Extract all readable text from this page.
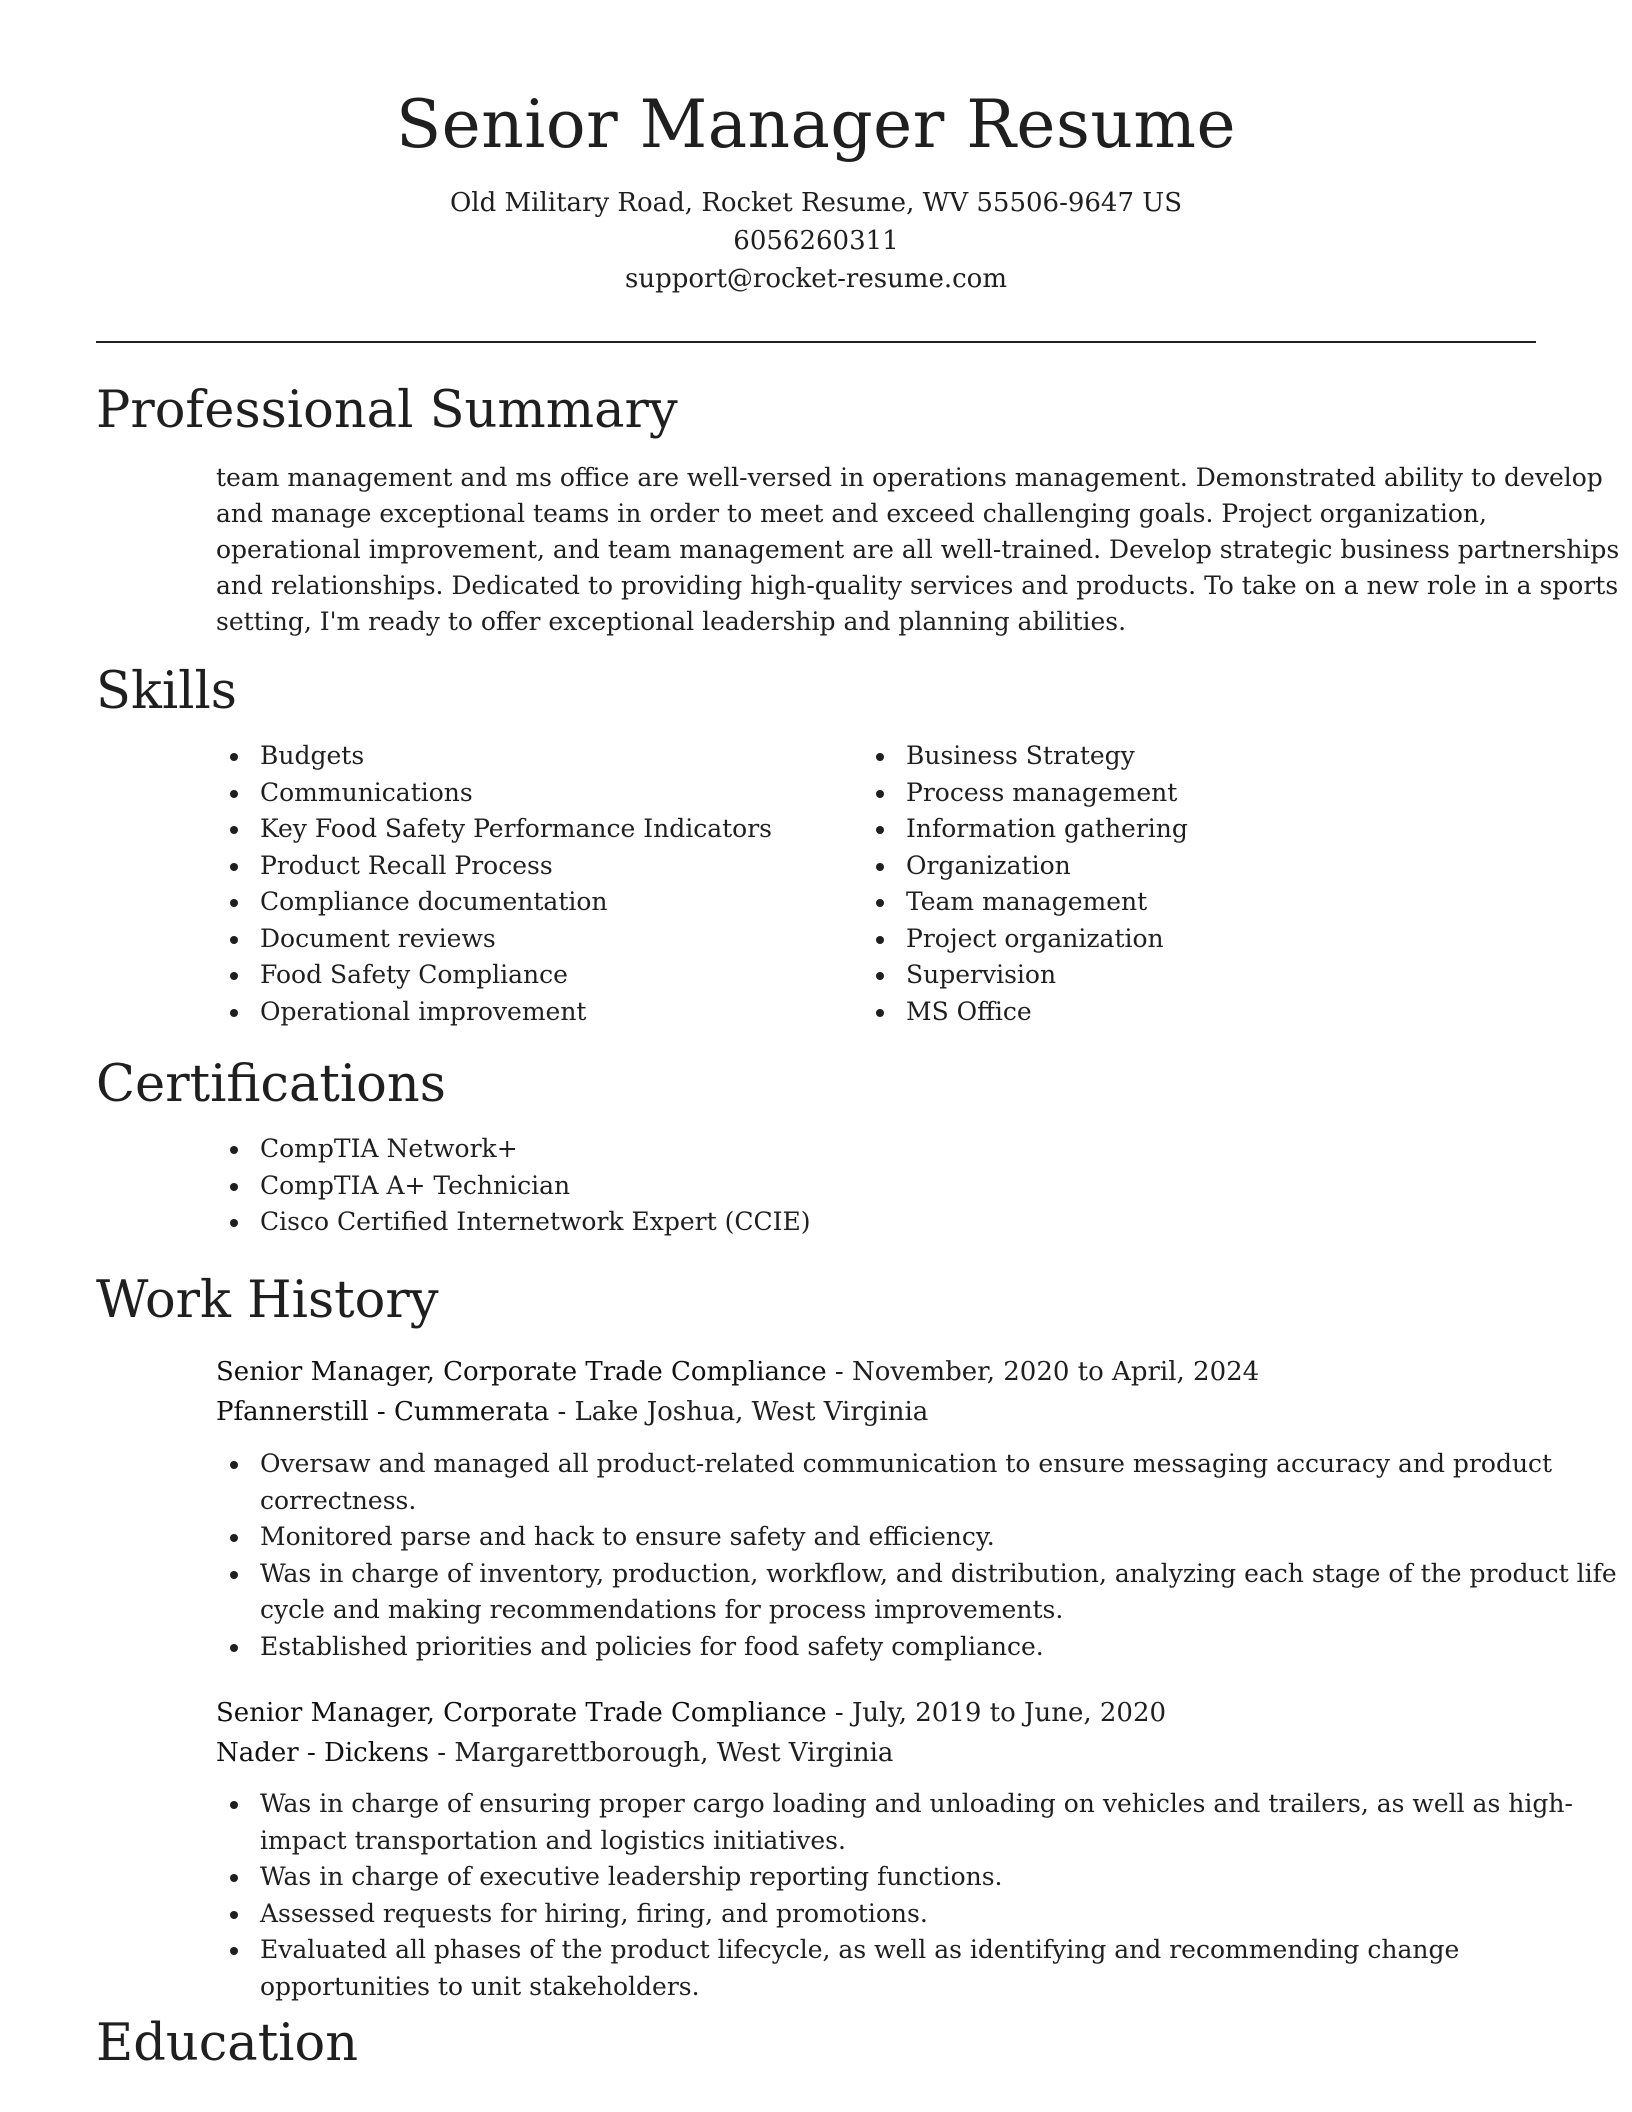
Senior Manager Resume
Old Military Road, Rocket Resume, WV 55506-9647 US
6056260311
support@rocket-resume.com
Professional Summary
team management and ms office are well-versed in operations management. Demonstrated ability to develop
and manage exceptional teams in order to meet and exceed challenging goals. Project organization,
operational improvement, and team management are all well-trained. Develop strategic business partnerships
and relationships. Dedicated to providing high-quality services and products. To take on a new role in a sports
setting, I'm ready to offer exceptional leadership and planning abilities.
Skills
Budgets
Communications
Key Food Safety Performance Indicators
Product Recall Process
Compliance documentation
Document reviews
Food Safety Compliance
Operational improvement
Business Strategy
Process management
Information gathering
Organization
Team management
Project organization
Supervision
MS Office
Certifications
CompTIA Network+
CompTIA A+ Technician
Cisco Certified Internetwork Expert (CCIE)
Work History
Senior Manager, Corporate Trade Compliance - November, 2020 to April, 2024
Pfannerstill - Cummerata - Lake Joshua, West Virginia
Oversaw and managed all product-related communication to ensure messaging accuracy and product
correctness.
Monitored parse and hack to ensure safety and efficiency.
Was in charge of inventory, production, workflow, and distribution, analyzing each stage of the product life
cycle and making recommendations for process improvements.
Established priorities and policies for food safety compliance.
Senior Manager, Corporate Trade Compliance - July, 2019 to June, 2020
Nader - Dickens - Margarettborough, West Virginia
Was in charge of ensuring proper cargo loading and unloading on vehicles and trailers, as well as high-
impact transportation and logistics initiatives.
Was in charge of executive leadership reporting functions.
Assessed requests for hiring, firing, and promotions.
Evaluated all phases of the product lifecycle, as well as identifying and recommending change
opportunities to unit stakeholders.
Education
